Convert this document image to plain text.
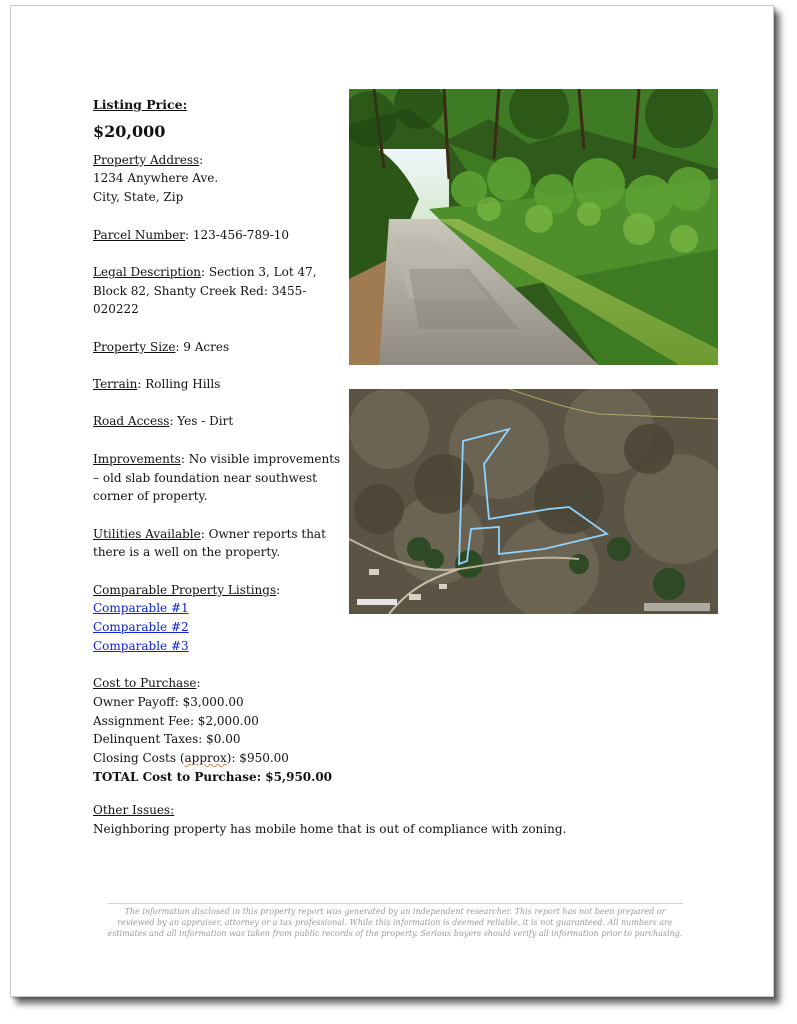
Listing Price:
$20,000
Property Address:
1234 Anywhere Ave.
City, State, Zip
Parcel Number: 123-456-789-10
Legal Description: Section 3, Lot 47, Block 82, Shanty Creek Red: 3455-020222
Property Size: 9 Acres
Terrain: Rolling Hills
Road Access: Yes - Dirt
Improvements: No visible improvements – old slab foundation near southwest corner of property.
Utilities Available: Owner reports that there is a well on the property.
Comparable Property Listings:
Comparable #1
Comparable #2
Comparable #3
Cost to Purchase:
Owner Payoff: $3,000.00
Assignment Fee: $2,000.00
Delinquent Taxes: $0.00
Closing Costs (approx): $950.00
TOTAL Cost to Purchase: $5,950.00
Other Issues:
Neighboring property has mobile home that is out of compliance with zoning.
The information disclosed in this property report was generated by an independent researcher. This report has not been prepared or reviewed by an appraiser, attorney or a tax professional. While this information is deemed reliable, it is not guaranteed. All numbers are estimates and all information was taken from public records of the property. Serious buyers should verify all information prior to purchasing.
